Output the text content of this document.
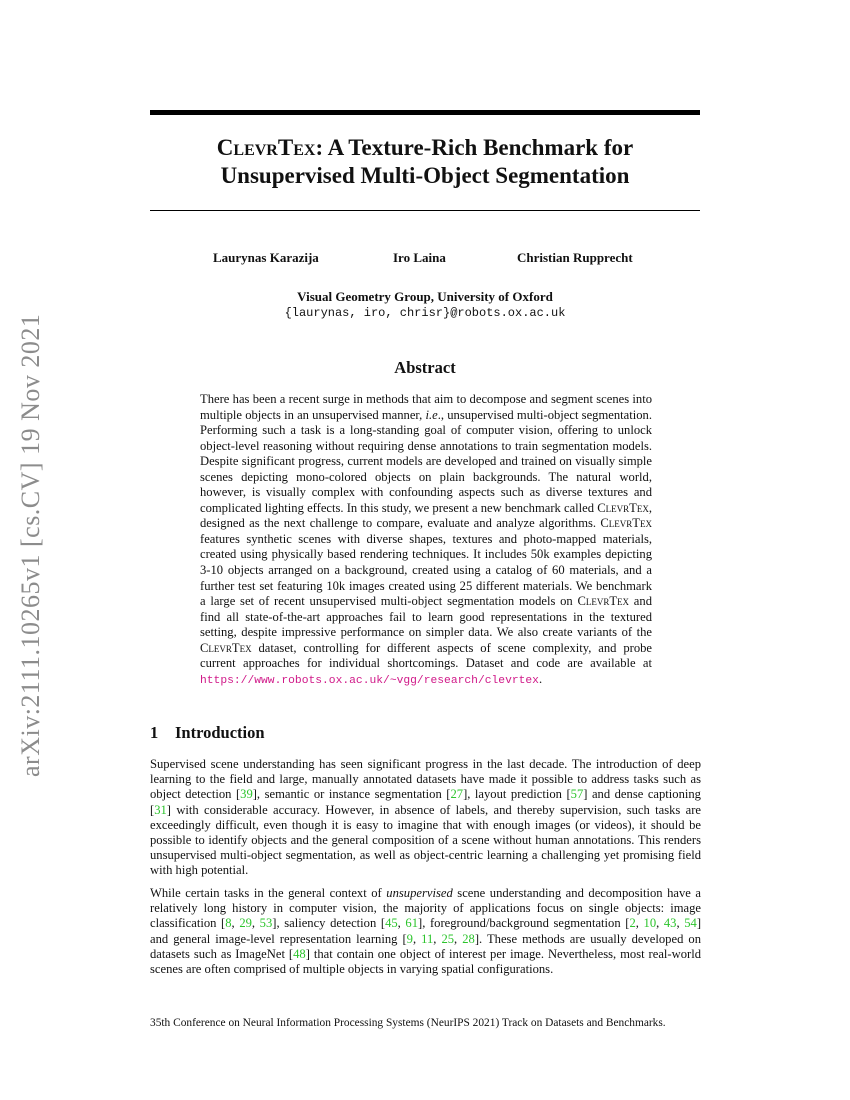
arXiv:2111.10265v1 [cs.CV] 19 Nov 2021
ClevrTex: A Texture-Rich Benchmark for
Unsupervised Multi-Object Segmentation
Laurynas Karazija	Iro Laina	Christian Rupprecht
Visual Geometry Group, University of Oxford
{laurynas, iro, chrisr}@robots.ox.ac.uk
Abstract
There has been a recent surge in methods that aim to decompose and segment scenes into multiple objects in an unsupervised manner, i.e., unsupervised multi-object segmentation. Performing such a task is a long-standing goal of computer vision, offering to unlock object-level reasoning without requiring dense annotations to train segmentation models. Despite significant progress, current models are developed and trained on visually simple scenes depicting mono-colored objects on plain backgrounds. The natural world, however, is visually complex with confounding aspects such as diverse textures and complicated lighting effects. In this study, we present a new benchmark called ClevrTex, designed as the next challenge to compare, evaluate and analyze algorithms. ClevrTex features synthetic scenes with diverse shapes, textures and photo-mapped materials, created using physically based rendering techniques. It includes 50k examples depicting 3-10 objects arranged on a background, created using a catalog of 60 materials, and a further test set featuring 10k images created using 25 different materials. We benchmark a large set of recent unsupervised multi-object segmentation models on ClevrTex and find all state-of-the-art approaches fail to learn good representations in the textured setting, despite impressive performance on simpler data. We also create variants of the ClevrTex dataset, controlling for different aspects of scene complexity, and probe current approaches for individual shortcomings. Dataset and code are available at https://www.robots.ox.ac.uk/~vgg/research/clevrtex.
1 Introduction
Supervised scene understanding has seen significant progress in the last decade. The introduction of deep learning to the field and large, manually annotated datasets have made it possible to address tasks such as object detection [39], semantic or instance segmentation [27], layout prediction [57] and dense captioning [31] with considerable accuracy. However, in absence of labels, and thereby supervision, such tasks are exceedingly difficult, even though it is easy to imagine that with enough images (or videos), it should be possible to identify objects and the general composition of a scene without human annotations. This renders unsupervised multi-object segmentation, as well as object-centric learning a challenging yet promising field with high potential.
While certain tasks in the general context of unsupervised scene understanding and decomposition have a relatively long history in computer vision, the majority of applications focus on single objects: image classification [8, 29, 53], saliency detection [45, 61], foreground/background segmentation [2, 10, 43, 54] and general image-level representation learning [9, 11, 25, 28]. These methods are usually developed on datasets such as ImageNet [48] that contain one object of interest per image. Nevertheless, most real-world scenes are often comprised of multiple objects in varying spatial configurations.
35th Conference on Neural Information Processing Systems (NeurIPS 2021) Track on Datasets and Benchmarks.
